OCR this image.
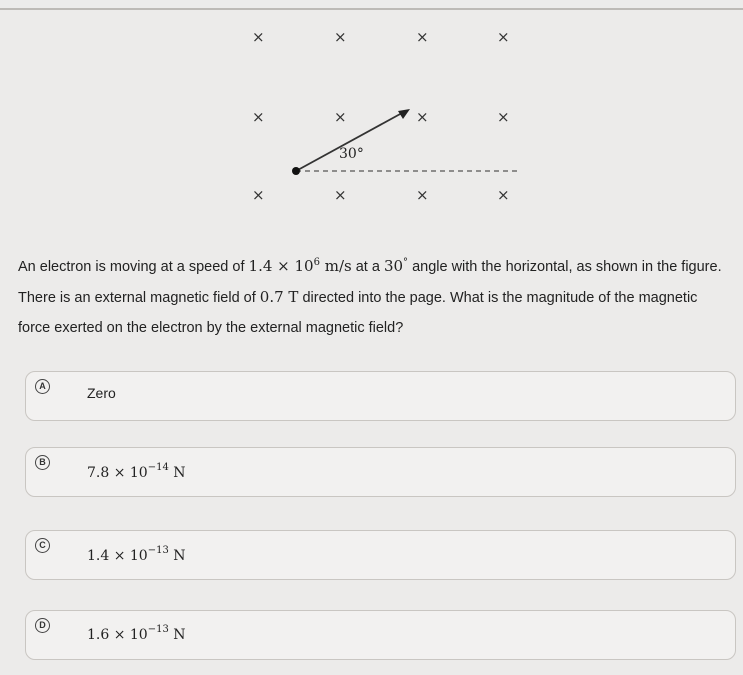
×	×	×	×
×	×	×	×
×	×	×	×
30°
An electron is moving at a speed of $1.4 \times 10^6$ m/s at a 30° angle with the horizontal, as shown in the figure. There is an external magnetic field of 0.7 T directed into the page. What is the magnitude of the magnetic force exerted on the electron by the external magnetic field?
A	Zero
B
$7.8 \times 10^{-14}$ N
C
$1.4 \times 10^{-13}$ N
D
$1.6 \times 10^{-13}$ N
